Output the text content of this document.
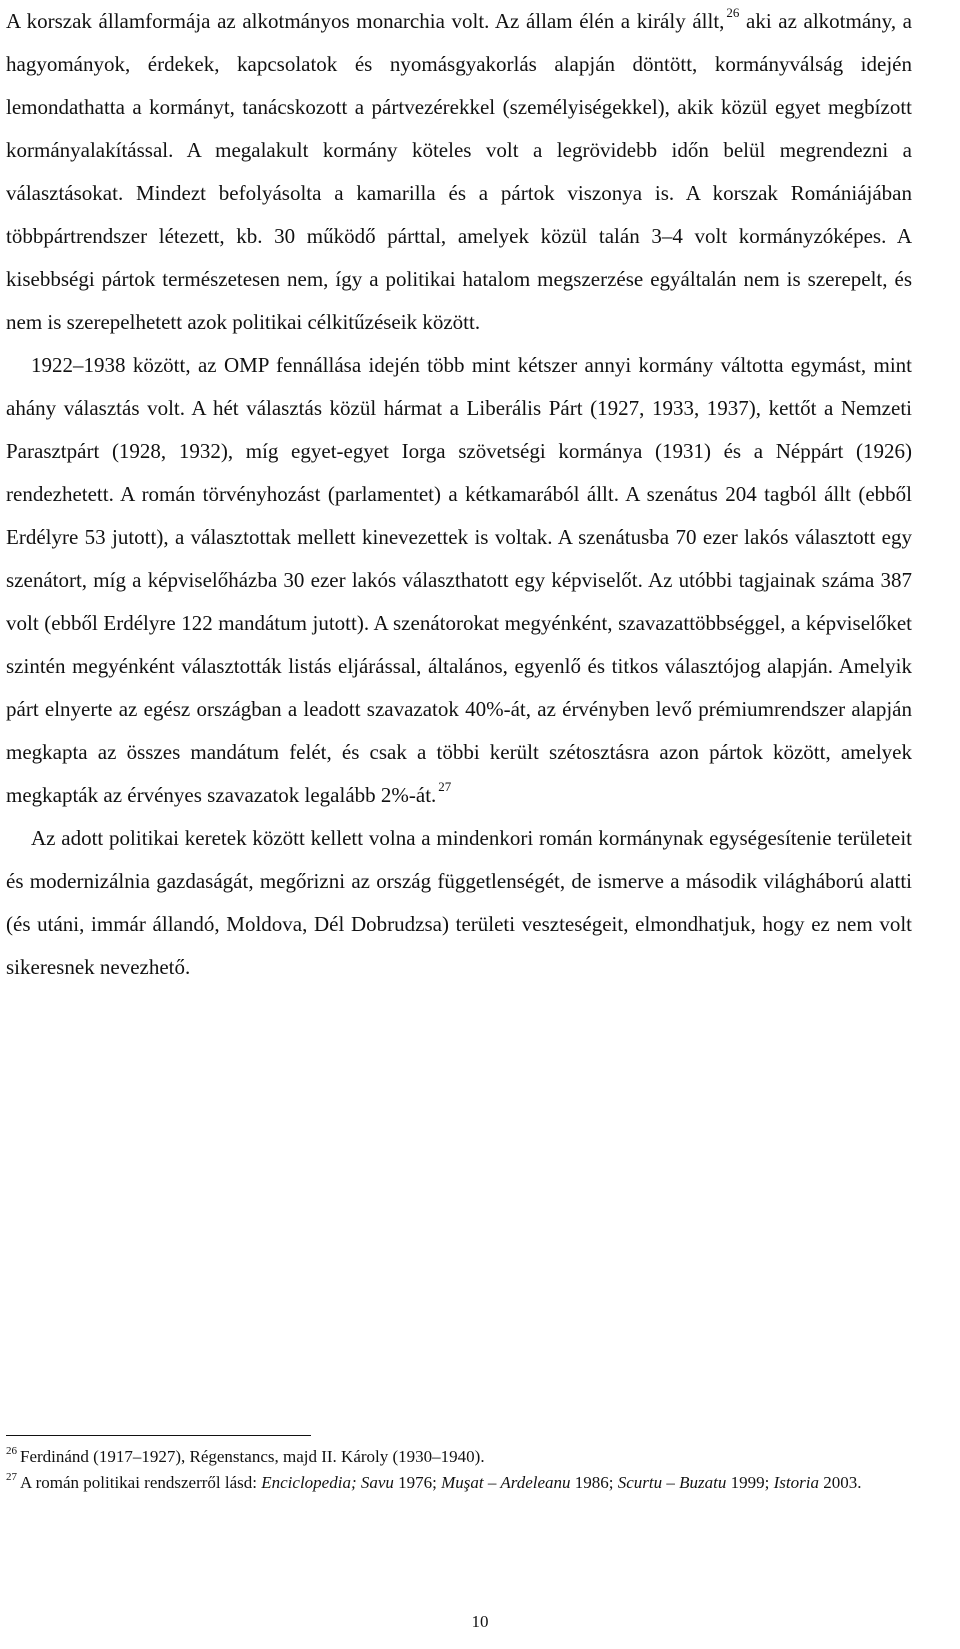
A korszak államformája az alkotmányos monarchia volt. Az állam élén a király állt, $^{26}$ aki az alkotmány, a hagyományok, érdekek, kapcsolatok és nyomásgyakorlás alapján döntött, kormányválság idején lemondathatta a kormányt, tanácskozott a pártvezérekkel (személyiségekkel), akik közül egyet megbízott kormányalakítással. A megalakult kormány köteles volt a legrövidebb időn belül megrendezni a választásokat. Mindezt befolyásolta a kamarilla és a pártok viszonya is. A korszak Romániájában többpártrendszer létezett, kb. 30 működő párttal, amelyek közül talán 3–4 volt kormányzóképes. A kisebbségi pártok természetesen nem, így a politikai hatalom megszerzése egyáltalán nem is szerepelt, és nem is szerepelhetett azok politikai célkitűzéseik között.

1922–1938 között, az OMP fennállása idején több mint kétszer annyi kormány váltotta egymást, mint ahány választás volt. A hét választás közül hármat a Liberális Párt (1927, 1933, 1937), kettőt a Nemzeti Parasztpárt (1928, 1932), míg egyet-egyet Iorga szövetségi kormánya (1931) és a Néppárt (1926) rendezhetett. A román törvényhozást (parlamentet) a kétkamarából állt. A szenátus 204 tagból állt (ebből Erdélyre 53 jutott), a választottak mellett kinevezettek is voltak. A szenátusba 70 ezer lakós választott egy szenátort, míg a képviselőházba 30 ezer lakós választhatott egy képviselőt. Az utóbbi tagjainak száma 387 volt (ebből Erdélyre 122 mandátum jutott). A szenátorokat megyénként, szavazattöbbséggel, a képviselőket szintén megyénként választották listás eljárással, általános, egyenlő és titkos választójog alapján. Amelyik párt elnyerte az egész országban a leadott szavazatok 40%-át, az érvényben levő prémiumrendszer alapján megkapta az összes mandátum felét, és csak a többi került szétosztásra azon pártok között, amelyek megkapták az érvényes szavazatok legalább 2%-át. $^{27}$

Az adott politikai keretek között kellett volna a mindenkori román kormánynak egységesítenie területeit és modernizálnia gazdaságát, megőrizni az ország függetlenségét, de ismerve a második világháború alatti (és utáni, immár állandó, Moldova, Dél Dobrudzsa) területi veszteségeit, elmondhatjuk, hogy ez nem volt sikeresnek nevezhető.

$^{26}$ Ferdinánd (1917–1927), Régenstancs, majd II. Károly (1930–1940).

$^{27}$ A román politikai rendszerről lásd: Enciclopedia; Savu 1976; Muşat – Ardeleanu 1986; Scurtu – Buzatu 1999; Istoria 2003.

10
